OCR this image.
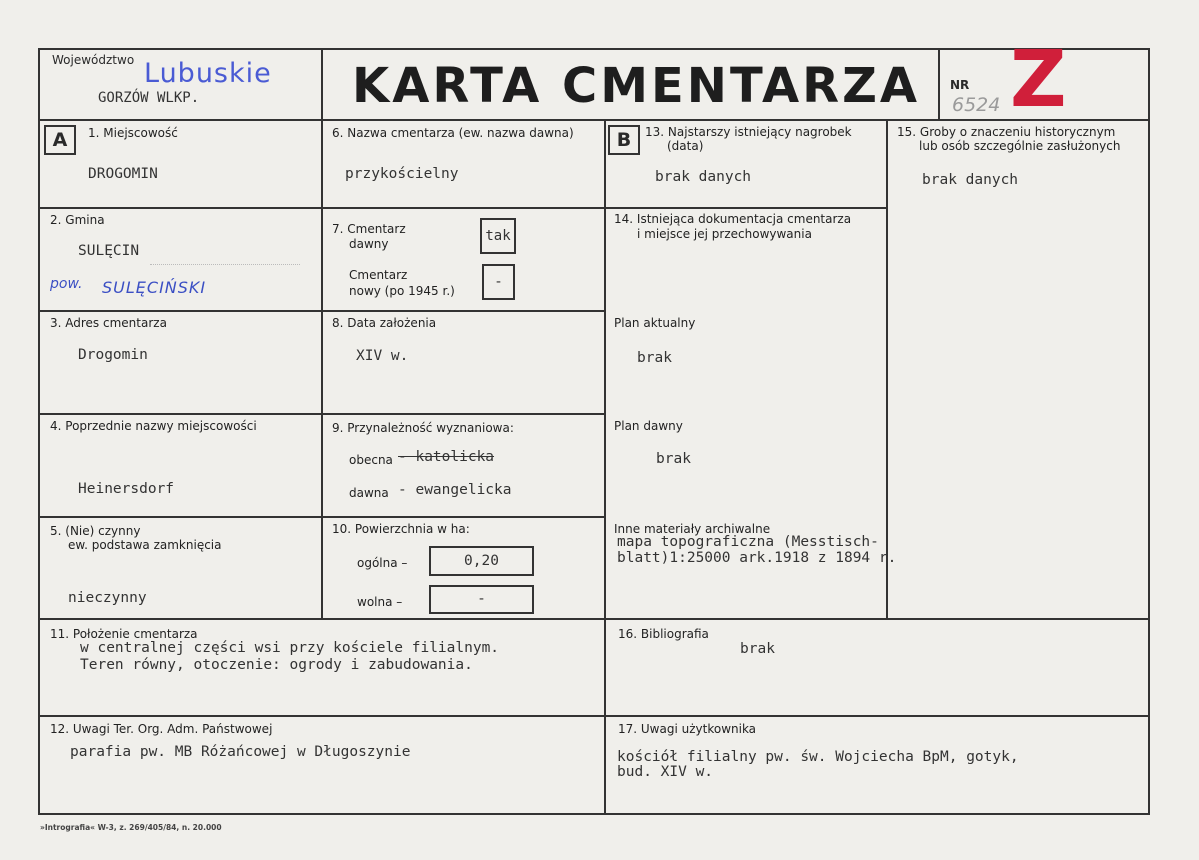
Województwo Lubuskie
GORZÓW WLKP.	KARTA CMENTARZA NR
6524 Z
A	B
1. Miejscowość
DROGOMIN
2. Gmina
SULĘCIN
pow. SULĘCIŃSKI
3. Adres cmentarza
Drogomin
4. Poprzednie nazwy miejscowości
Heinersdorf
5. (Nie) czynny
ew. podstawa zamknięcia
nieczynny
6. Nazwa cmentarza (ew. nazwa dawna)
przykościelny
7. Cmentarz
dawny	tak
Cmentarz
nowy (po 1945 r.)
-
8. Data założenia
XIV w.
9. Przynależność wyznaniowa:
obecna - katolicka
dawna - ewangelicka
10. Powierzchnia w ha:
ogólna –	0,20
wolna –	-
11. Położenie cmentarza
w centralnej części wsi przy kościele filialnym.
Teren równy, otoczenie: ogrody i zabudowania.
12. Uwagi Ter. Org. Adm. Państwowej
parafia pw. MB Różańcowej w Długoszynie
13. Najstarszy istniejący nagrobek
(data)
brak danych
14. Istniejąca dokumentacja cmentarza
i miejsce jej przechowywania
Plan aktualny
brak
Plan dawny
brak
Inne materiały archiwalne
mapa topograficzna (Messtisch-
blatt)1:25000 ark.1918 z 1894 r.
15. Groby o znaczeniu historycznym
lub osób szczególnie zasłużonych
brak danych
16. Bibliografia
brak
17. Uwagi użytkownika
kościół filialny pw. św. Wojciecha BpM, gotyk,
bud. XIV w.
»Intrografia« W-3, z. 269/405/84, n. 20.000
